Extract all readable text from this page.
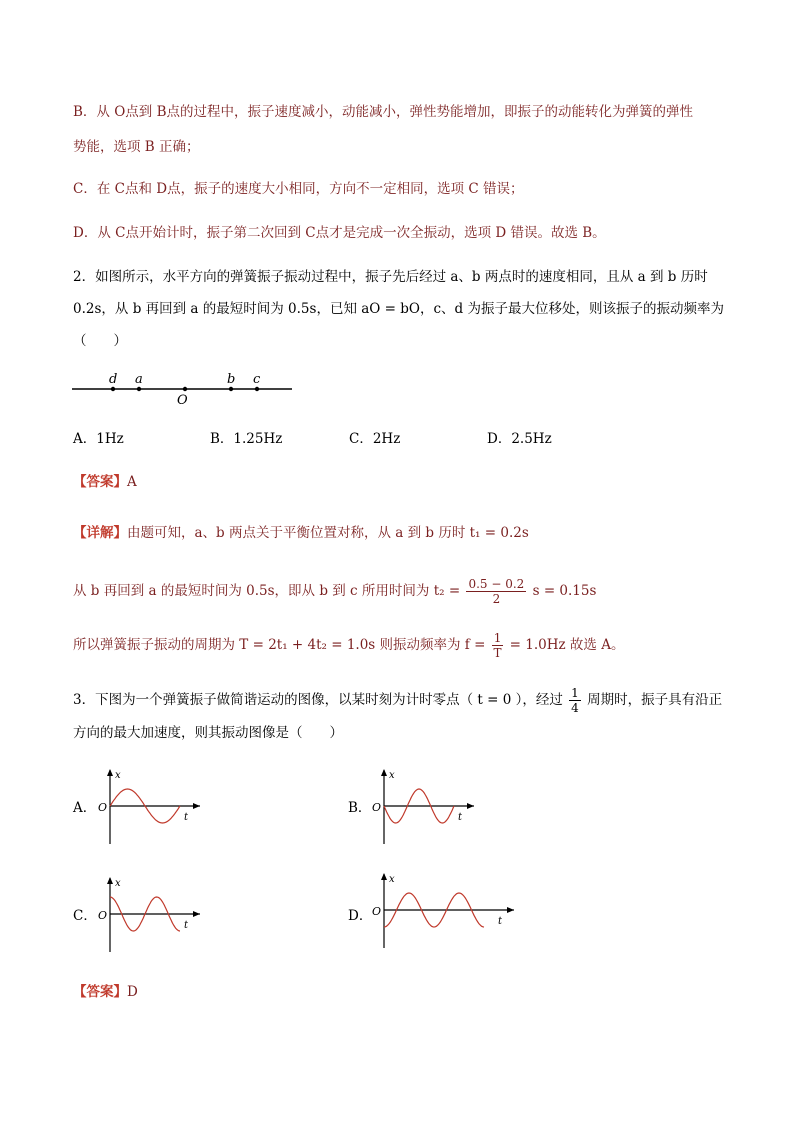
B．从 O点到 B点的过程中，振子速度减小，动能减小，弹性势能增加，即振子的动能转化为弹簧的弹性
势能，选项 B 正确；
C．在 C点和 D点，振子的速度大小相同，方向不一定相同，选项 C 错误；
D．从 C点开始计时，振子第二次回到 C点才是完成一次全振动，选项 D 错误。故选 B。
2．如图所示，水平方向的弹簧振子振动过程中，振子先后经过 a、b 两点时的速度相同，且从 a 到 b 历时
0.2s，从 b 再回到 a 的最短时间为 0.5s，已知 aO = bO，c、d 为振子最大位移处，则该振子的振动频率为
（　　）
d a
O
b c
A．1Hz	B．1.25Hz	C．2Hz	D．2.5Hz
【答案】A
【详解】由题可知，a、b 两点关于平衡位置对称，从 a 到 b 历时 t₁ = 0.2s
从 b 再回到 a 的最短时间为 0.5s，即从 b 到 c 所用时间为 $t_2 = \frac{0.5 - 0.2}{2}$ s = 0.15s
所以弹簧振子振动的周期为 T = 2t₁ + 4t₂ = 1.0s 则振动频率为 $f = \frac{1}{T} = 1.0Hz$ 故选 A。
3．下图为一个弹簧振子做简谐运动的图像，以某时刻为计时零点（ t = 0 ），经过 $\frac{1}{4}$ 周期时，振子具有沿正
方向的最大加速度，则其振动图像是（　　）
A．
x
t
O	B．
x
t
O
C．
x
t
O	D．
x
t
O
【答案】D
